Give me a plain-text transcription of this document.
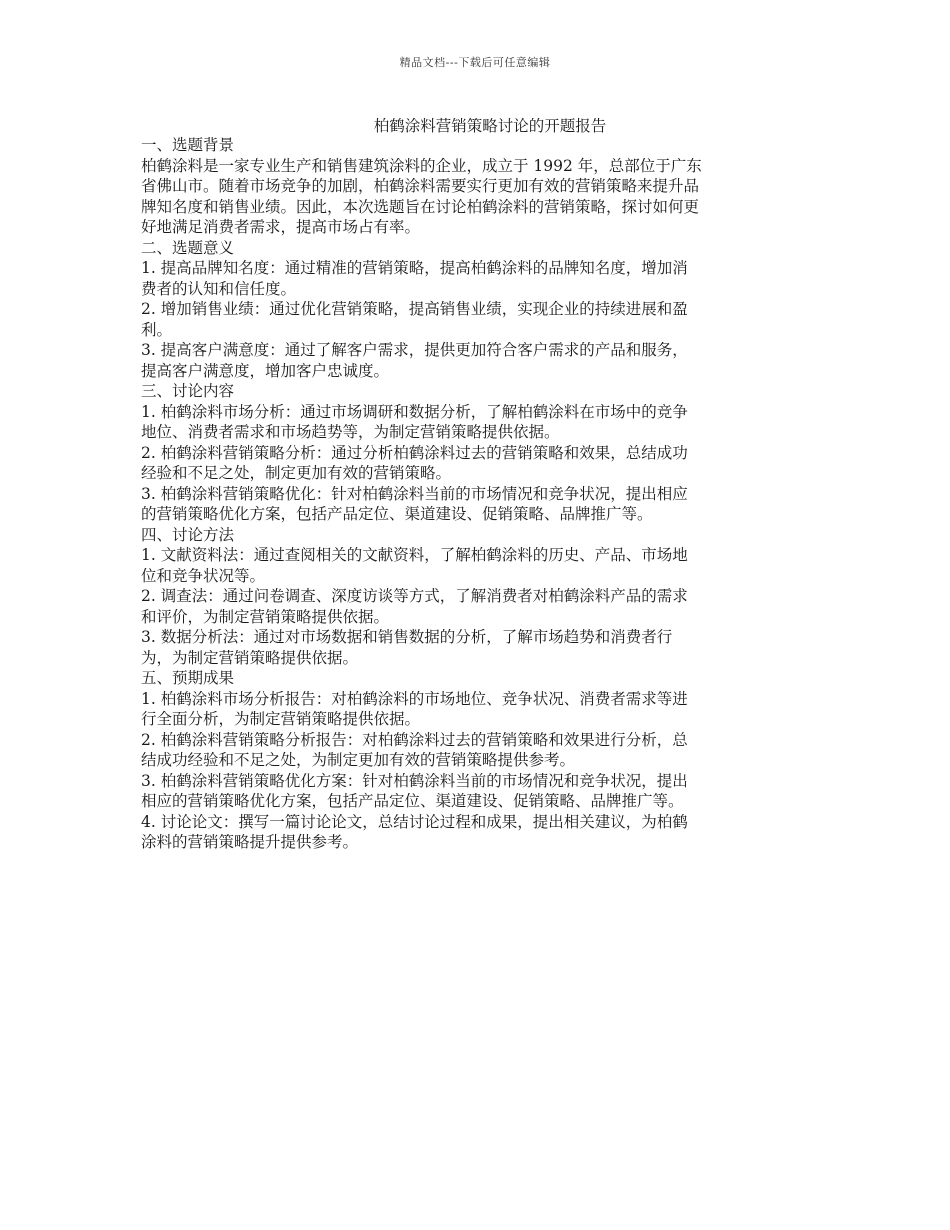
精品文档---下载后可任意编辑
柏鹤涂料营销策略讨论的开题报告
一、选题背景
柏鹤涂料是一家专业生产和销售建筑涂料的企业，成立于 1992 年，总部位于广东
省佛山市。随着市场竞争的加剧，柏鹤涂料需要实行更加有效的营销策略来提升品
牌知名度和销售业绩。因此，本次选题旨在讨论柏鹤涂料的营销策略，探讨如何更
好地满足消费者需求，提高市场占有率。
二、选题意义
1. 提高品牌知名度：通过精准的营销策略，提高柏鹤涂料的品牌知名度，增加消
费者的认知和信任度。
2. 增加销售业绩：通过优化营销策略，提高销售业绩，实现企业的持续进展和盈
利。
3. 提高客户满意度：通过了解客户需求，提供更加符合客户需求的产品和服务，
提高客户满意度，增加客户忠诚度。
三、讨论内容
1. 柏鹤涂料市场分析：通过市场调研和数据分析，了解柏鹤涂料在市场中的竞争
地位、消费者需求和市场趋势等，为制定营销策略提供依据。
2. 柏鹤涂料营销策略分析：通过分析柏鹤涂料过去的营销策略和效果，总结成功
经验和不足之处，制定更加有效的营销策略。
3. 柏鹤涂料营销策略优化：针对柏鹤涂料当前的市场情况和竞争状况，提出相应
的营销策略优化方案，包括产品定位、渠道建设、促销策略、品牌推广等。
四、讨论方法
1. 文献资料法：通过查阅相关的文献资料，了解柏鹤涂料的历史、产品、市场地
位和竞争状况等。
2. 调查法：通过问卷调查、深度访谈等方式，了解消费者对柏鹤涂料产品的需求
和评价，为制定营销策略提供依据。
3. 数据分析法：通过对市场数据和销售数据的分析，了解市场趋势和消费者行
为，为制定营销策略提供依据。
五、预期成果
1. 柏鹤涂料市场分析报告：对柏鹤涂料的市场地位、竞争状况、消费者需求等进
行全面分析，为制定营销策略提供依据。
2. 柏鹤涂料营销策略分析报告：对柏鹤涂料过去的营销策略和效果进行分析，总
结成功经验和不足之处，为制定更加有效的营销策略提供参考。
3. 柏鹤涂料营销策略优化方案：针对柏鹤涂料当前的市场情况和竞争状况，提出
相应的营销策略优化方案，包括产品定位、渠道建设、促销策略、品牌推广等。
4. 讨论论文：撰写一篇讨论论文，总结讨论过程和成果，提出相关建议，为柏鹤
涂料的营销策略提升提供参考。
